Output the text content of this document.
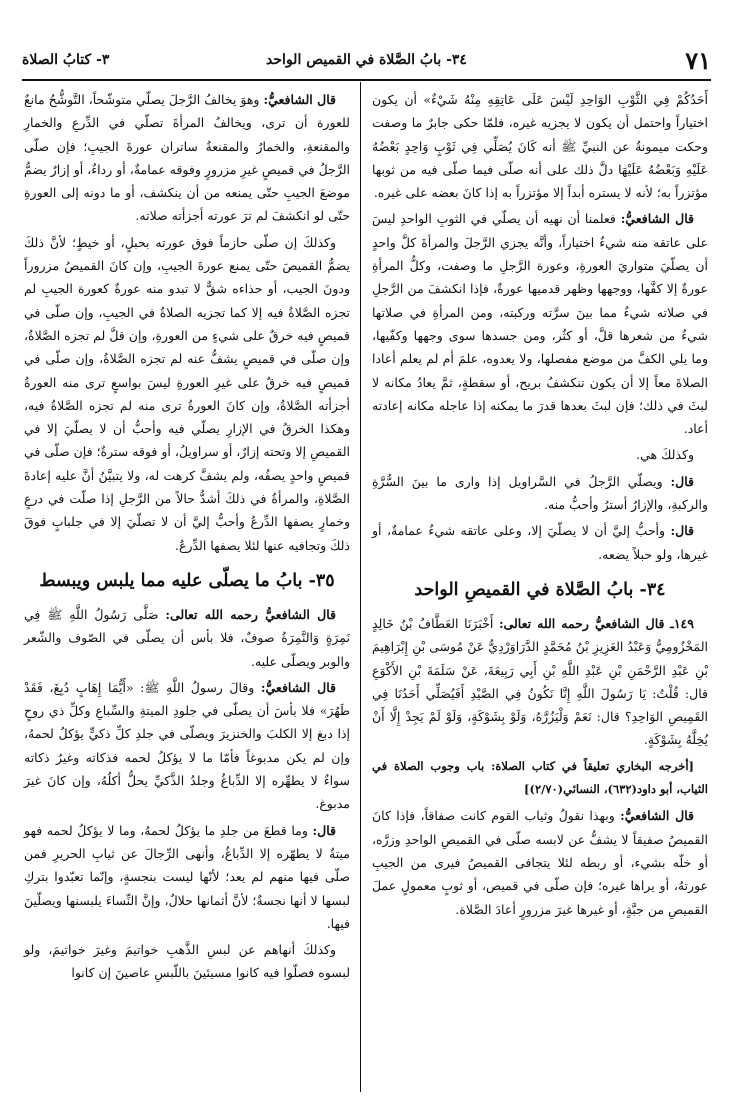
٧١
٣٤- بابُ الصَّلاة في القميص الواحد
٣- كتابُ الصلاة

أَحَدُكُمْ فِي الثَّوْبِ الوَاحِدِ لَيْسَ عَلَى عَاتِقِهِ مِنْهُ شَيْءٌ» أن يكون اختياراً واحتمل أن يكون لا يجزيه غيره، فلمّا حكى جابرٌ ما وصفت وحكت ميمونةُ عن النبيِّ ﷺ أنه كَانَ يُصَلِّي فِي ثَوْبٍ وَاحِدٍ بَعْضُهُ عَلَيْهِ وَبَعْضُهُ عَلَيْهَا دلَّ ذلك على أنه صلّى فيما صلّى فيه من ثوبها مؤتزراً به؛ لأنه لا يستره أبداً إلا مؤتزراً به إذا كانَ بعضه على غيره.

قال الشافعيُّ: فعلمنا أن نهيه أن يصلّي في الثوبِ الواحدِ ليسَ على عاتقه منه شيءٌ اختياراً، وأنَّه يجزي الرَّجلَ والمرأةَ كلَّ واحدٍ أن يصلّيَ متواريَ العورةِ، وعورة الرَّجلِ ما وصفت، وكلُّ المرأةِ عورةٌ إلا كفَّها، ووجهها وظهر قدميها عورةٌ، فإذا انكشفَ من الرَّجلِ في صلاته شيءٌ مما بينَ سرَّته وركبته، ومن المرأةِ في صلاتها شيءٌ من شعرها قلَّ، أو كثُر، ومن جسدها سوى وجهها وكفّيها، وما يلي الكفَّ من موضع مفصلها، ولا يعدوه، علمَ أم لم يعلم أعادا الصلاةَ معاً إلا أن يكون تنكشفُ بريح، أو سقطةٍ، ثمَّ يعادُ مكانه لا لبثَ في ذلك؛ فإن لبثَ بعدها قدرَ ما يمكنه إذا عاجله مكانه إعادته أعاد.

وكذلكَ هي.

قال: ويصلّي الرَّجلُ في السَّراويل إذا وارى ما بينَ السُّرَّةِ والركبةِ، والإزارُ أسترُ وأحبُّ منه.

قال: وأحبُّ إليَّ أن لا يصلّيَ إلا، وعلى عاتقه شيءٌ عمامةٌ، أو غيرها، ولو حبلاً يضعه.

٣٤- بابُ الصَّلاة في القميصِ الواحد

١٤٩ـ قال الشافعيُّ رحمه الله تعالى: أَخْبَرَنَا العَطَّافُ بْنُ خَالِدٍ المَخْزُومِيُّ وَعَبْدُ العَزِيزِ بْنُ مُحَمَّدٍ الدَّرَاوَرْدِيُّ عَنْ مُوسَى بْنِ إِبْرَاهِيمَ بْنِ عَبْدِ الرَّحْمَنِ بْنِ عَبْدِ اللَّهِ بْنِ أَبِي رَبِيعَةَ، عَنْ سَلَمَةَ بْنِ الأَكْوَعِ قال: قُلْتُ: يَا رَسُولَ اللَّهِ إِنَّا نَكُونُ فِي الصَّيْدِ أَفَيُصَلِّي أَحَدُنَا فِي القَمِيصِ الوَاحِدِ؟ قال: نَعَمْ وَلْيَزُرَّهُ، وَلَوْ بِشَوْكَةٍ، وَلَوْ لَمْ يَجِدْ إِلَّا أَنْ يُخِلَّهُ بِشَوْكَةٍ.

[أخرجه البخاري تعليقاً في كتاب الصلاة: باب وجوب الصلاة في الثياب، أبو داود(٦٣٢)، النسائي(٢/٧٠)]

قال الشافعيُّ: وبهذا نقولُ وثياب القوم كانت صفاقاً، فإذا كانَ القميصُ صفيقاً لا يشفُّ عن لابسه صلّى في القميصِ الواحدِ وزرَّه، أو خلّه بشيء، أو ربطه لئلا يتجافى القميصُ فيرى من الجيبِ عورتهُ، أو يراها غيره؛ فإن صلّى في قميص، أو ثوبٍ معمولٍ عملَ القميصِ من جبَّةٍ، أو غيرها غيرَ مزرورٍ أعادَ الصَّلاة.

قال الشافعيُّ: وهوَ يخالفُ الرَّجلَ يصلّي متوشّحاً، التَّوشُّحُ مانعٌ للعورة أن ترى، ويخالفُ المرأةَ تصلّي في الدِّرعِ والخمارِ والمقنعةِ، والخمارُ والمقنعةُ ساتران عورةَ الجيبِ؛ فإن صلّى الرَّجلُ في قميصٍ غيرِ مزرورٍ وفوقه عمامةٌ، أو رداءٌ، أو إزارٌ يضمُّ موضعَ الجيبِ حتّى يمنعه من أن ينكشف، أو ما دونه إلى العورةِ حتّى لو انكشفَ لم ترَ عورته أجزأته صلاته.

وكذلكَ إن صلّى حازماً فوق عورته بحبلٍ، أو خيطٍ؛ لأنَّ ذلكَ يضمُّ القميصَ حتّى يمنع عورةَ الجيبِ، وإن كانَ القميصُ مزروراً ودونَ الجيب، أو حذاءه شقٌّ لا تبدو منه عورةٌ كعورة الجيبِ لم تجزه الصَّلاةُ فيه إلا كما تجزيه الصلاةُ في الجيبِ، وإن صلّى في قميصٍ فيه خرقٌ على شيءٍ من العورةِ، وإن قلَّ لم تجزه الصَّلاةُ، وإن صلّى في قميصٍ يشفُّ عنه لم تجزه الصَّلاةُ، وإن صلّى في قميصٍ فيه خرقٌ على غيرِ العورةِ ليسَ بواسعٍ ترى منه العورةُ أجزأته الصَّلاةُ، وإن كانَ العورةُ ترى منه لم تجزه الصَّلاةُ فيه، وهكذا الخرقُ في الإزارِ يصلّي فيه وأحبُّ أن لا يصلّيَ إلا في القميصِ إلا وتحته إزارٌ، أو سراويلُ، أو فوقه سترةٌ؛ فإن صلّى في قميصٍ واحدٍ يصفُه، ولم يشفَّ كرهت له، ولا يتبيَّنُ أنَّ عليه إعادةَ الصَّلاةِ، والمرأةُ في ذلكَ أشدُّ حالاً من الرَّجلِ إذا صلّت في درعٍ وخمارٍ يصفها الدِّرعُ وأحبُّ إليَّ أن لا تصلّيَ إلا في جلبابٍ فوقَ ذلكَ وتجافيه عنها لئلا يصفها الدِّرعُ.

٣٥- بابُ ما يصلّى عليه مما يلبس ويبسط

قال الشافعيُّ رحمه الله تعالى: صَلَّى رَسُولُ اللَّهِ ﷺ فِي نَمِرَةٍ وَالنَّمِرَةُ صوفٌ، فلا بأس أن يصلّى في الصّوف والشّعر والوبر ويصلّى عليه.

قال الشافعيُّ: وقالَ رسولُ اللَّهِ ﷺ: «أَيُّمَا إِهَابٍ دُبِغَ، فَقَدْ طَهُرَ» فلا بأسَ أن يصلّى في جلودِ الميتةِ والسِّباعِ وكلِّ ذي روحٍ إذا دبغ إلا الكلبَ والخنزيرَ ويصلّى في جلدِ كلِّ ذكيٍّ يؤكلُ لحمهُ، وإن لم يكن مدبوغاً فأمّا ما لا يؤكلُ لحمه فذكاته وغيرُ ذكاته سواءٌ لا يطهِّره إلا الدِّباغُ وجلدُ الذَّكيِّ يحلُّ أكلُهُ، وإن كانَ غيرَ مدبوغ.

قال: وما قطعَ من جلدِ ما يؤكلُ لحمهُ، وما لا يؤكلُ لحمه فهو ميتةٌ لا يطهّره إلا الدِّباغُ، وأنهى الرِّجالَ عن ثيابِ الحريرِ فمن صلّى فيها منهم لم يعد؛ لأنّها ليست بنجسةٍ، وإنّما تعبّدوا بتركِ لبسها لا أنها نجسةٌ؛ لأنَّ أثمانها حلالٌ، وإنَّ النِّساءَ يلبسنها ويصلّينَ فيها.

وكذلكَ أنهاهم عن لبسِ الذَّهبِ خواتيمَ وغيرَ خواتيمَ، ولو لبسوه فصلّوا فيه كانوا مسيئينَ باللّبسِ عاصينَ إن كانوا
